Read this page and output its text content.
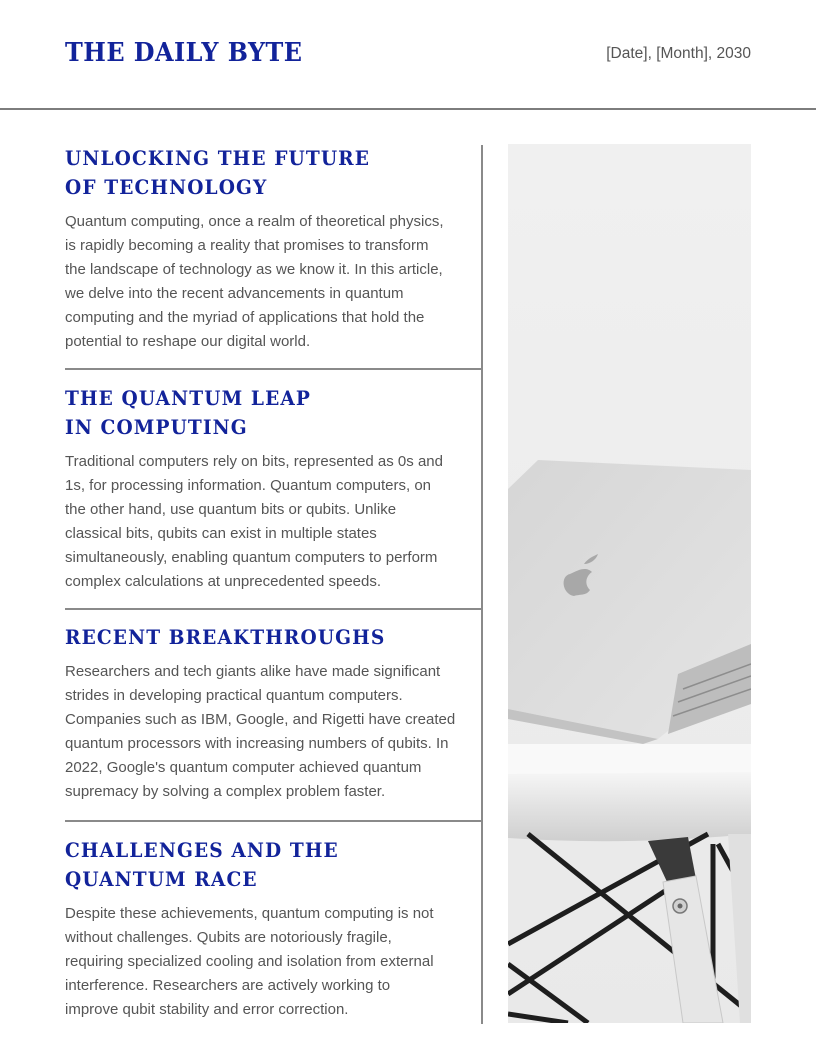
THE DAILY BYTE	[Date], [Month], 2030
UNLOCKING THE FUTURE
OF TECHNOLOGY
Quantum computing, once a realm of theoretical physics,
is rapidly becoming a reality that promises to transform
the landscape of technology as we know it. In this article,
we delve into the recent advancements in quantum
computing and the myriad of applications that hold the
potential to reshape our digital world.
THE QUANTUM LEAP
IN COMPUTING
Traditional computers rely on bits, represented as 0s and
1s, for processing information. Quantum computers, on
the other hand, use quantum bits or qubits. Unlike
classical bits, qubits can exist in multiple states
simultaneously, enabling quantum computers to perform
complex calculations at unprecedented speeds.
RECENT BREAKTHROUGHS
Researchers and tech giants alike have made significant
strides in developing practical quantum computers.
Companies such as IBM, Google, and Rigetti have created
quantum processors with increasing numbers of qubits. In
2022, Google's quantum computer achieved quantum
supremacy by solving a complex problem faster.
CHALLENGES AND THE
QUANTUM RACE
Despite these achievements, quantum computing is not
without challenges. Qubits are notoriously fragile,
requiring specialized cooling and isolation from external
interference. Researchers are actively working to
improve qubit stability and error correction.
